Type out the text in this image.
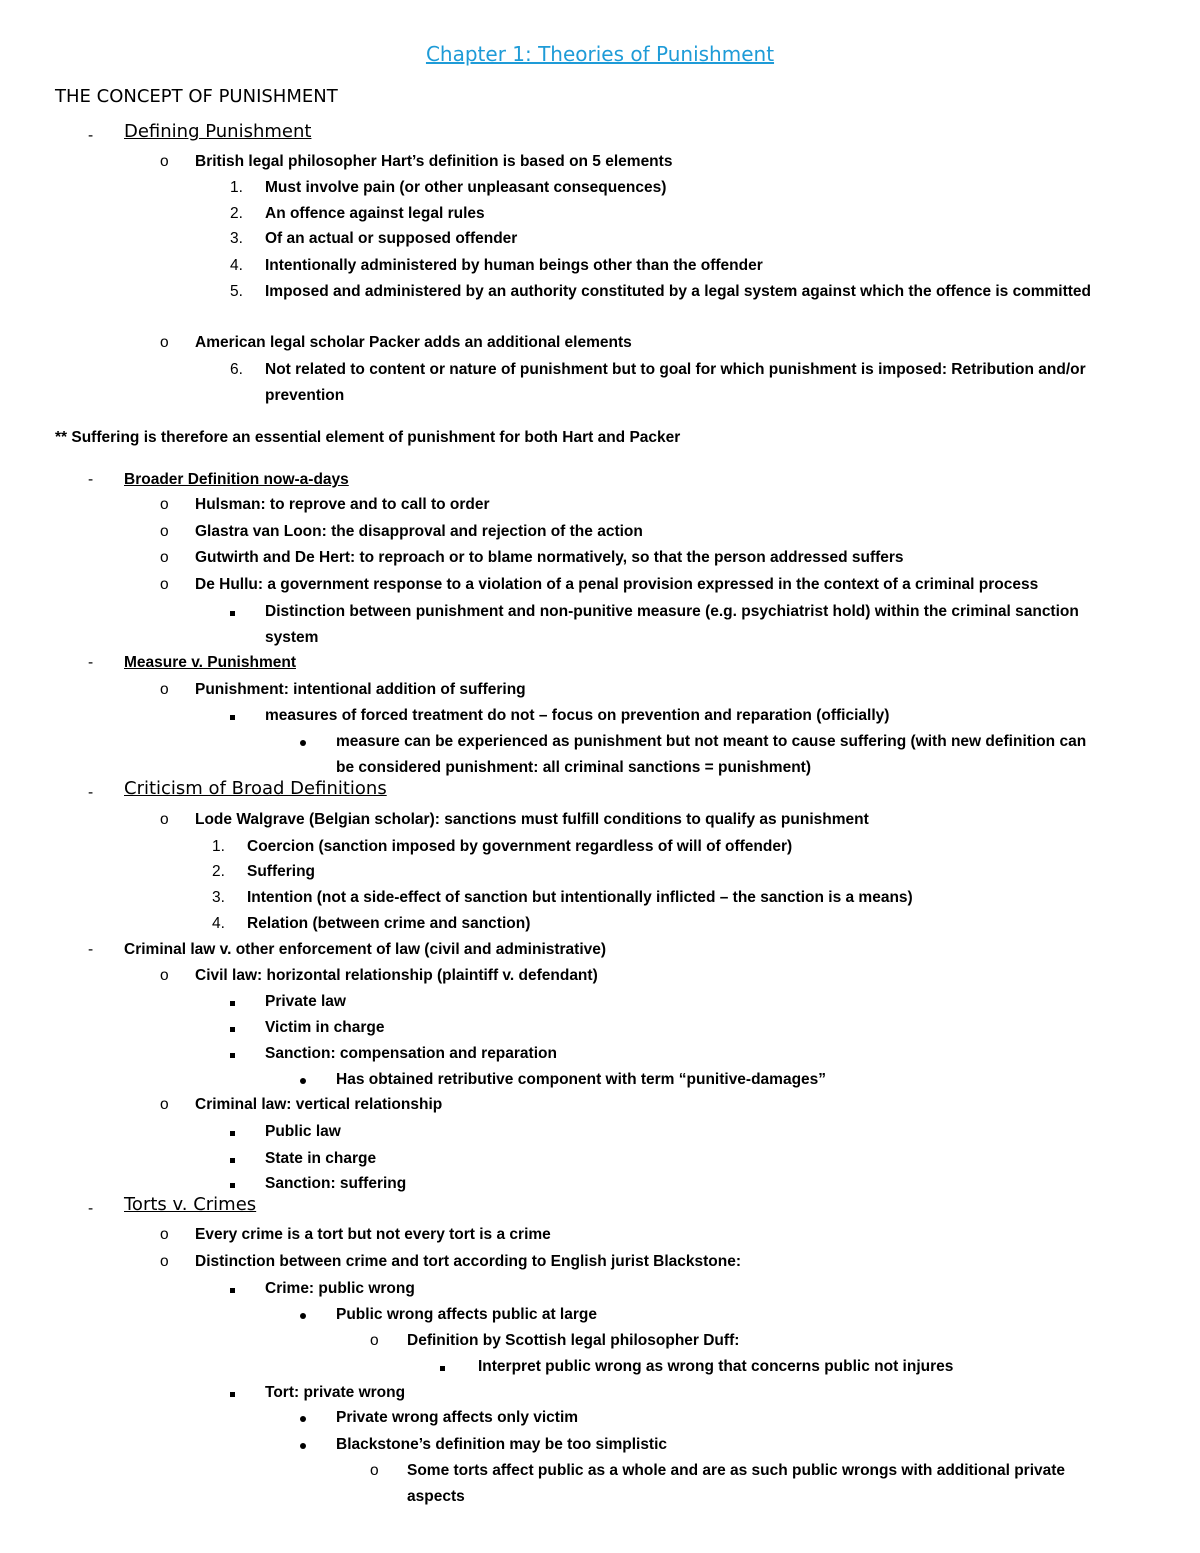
Chapter 1: Theories of Punishment
THE CONCEPT OF PUNISHMENT
- Defining Punishment
o British legal philosopher Hart’s definition is based on 5 elements
1. Must involve pain (or other unpleasant consequences)
2. An offence against legal rules
3. Of an actual or supposed offender
4. Intentionally administered by human beings other than the offender
5. Imposed and administered by an authority constituted by a legal system against which the offence is committed
o American legal scholar Packer adds an additional elements
6. Not related to content or nature of punishment but to goal for which punishment is imposed: Retribution and/or
prevention
** Suffering is therefore an essential element of punishment for both Hart and Packer
- Broader Definition now-a-days
o Hulsman: to reprove and to call to order
o Glastra van Loon: the disapproval and rejection of the action
o Gutwirth and De Hert: to reproach or to blame normatively, so that the person addressed suffers
o De Hullu: a government response to a violation of a penal provision expressed in the context of a criminal process
Distinction between punishment and non-punitive measure (e.g. psychiatrist hold) within the criminal sanction
system
- Measure v. Punishment
o Punishment: intentional addition of suffering
measures of forced treatment do not – focus on prevention and reparation (officially)
measure can be experienced as punishment but not meant to cause suffering (with new definition can
be considered punishment: all criminal sanctions = punishment)
- Criticism of Broad Definitions
o Lode Walgrave (Belgian scholar): sanctions must fulfill conditions to qualify as punishment
1. Coercion (sanction imposed by government regardless of will of offender)
2. Suffering
3. Intention (not a side-effect of sanction but intentionally inflicted – the sanction is a means)
4. Relation (between crime and sanction)
- Criminal law v. other enforcement of law (civil and administrative)
o Civil law: horizontal relationship (plaintiff v. defendant)
Private law
Victim in charge
Sanction: compensation and reparation
Has obtained retributive component with term “punitive-damages”
o Criminal law: vertical relationship
Public law
State in charge
Sanction: suffering
- Torts v. Crimes
o Every crime is a tort but not every tort is a crime
o Distinction between crime and tort according to English jurist Blackstone:
Crime: public wrong
Public wrong affects public at large
o Definition by Scottish legal philosopher Duff:
Interpret public wrong as wrong that concerns public not injures
Tort: private wrong
Private wrong affects only victim
Blackstone’s definition may be too simplistic
o Some torts affect public as a whole and are as such public wrongs with additional private
aspects
